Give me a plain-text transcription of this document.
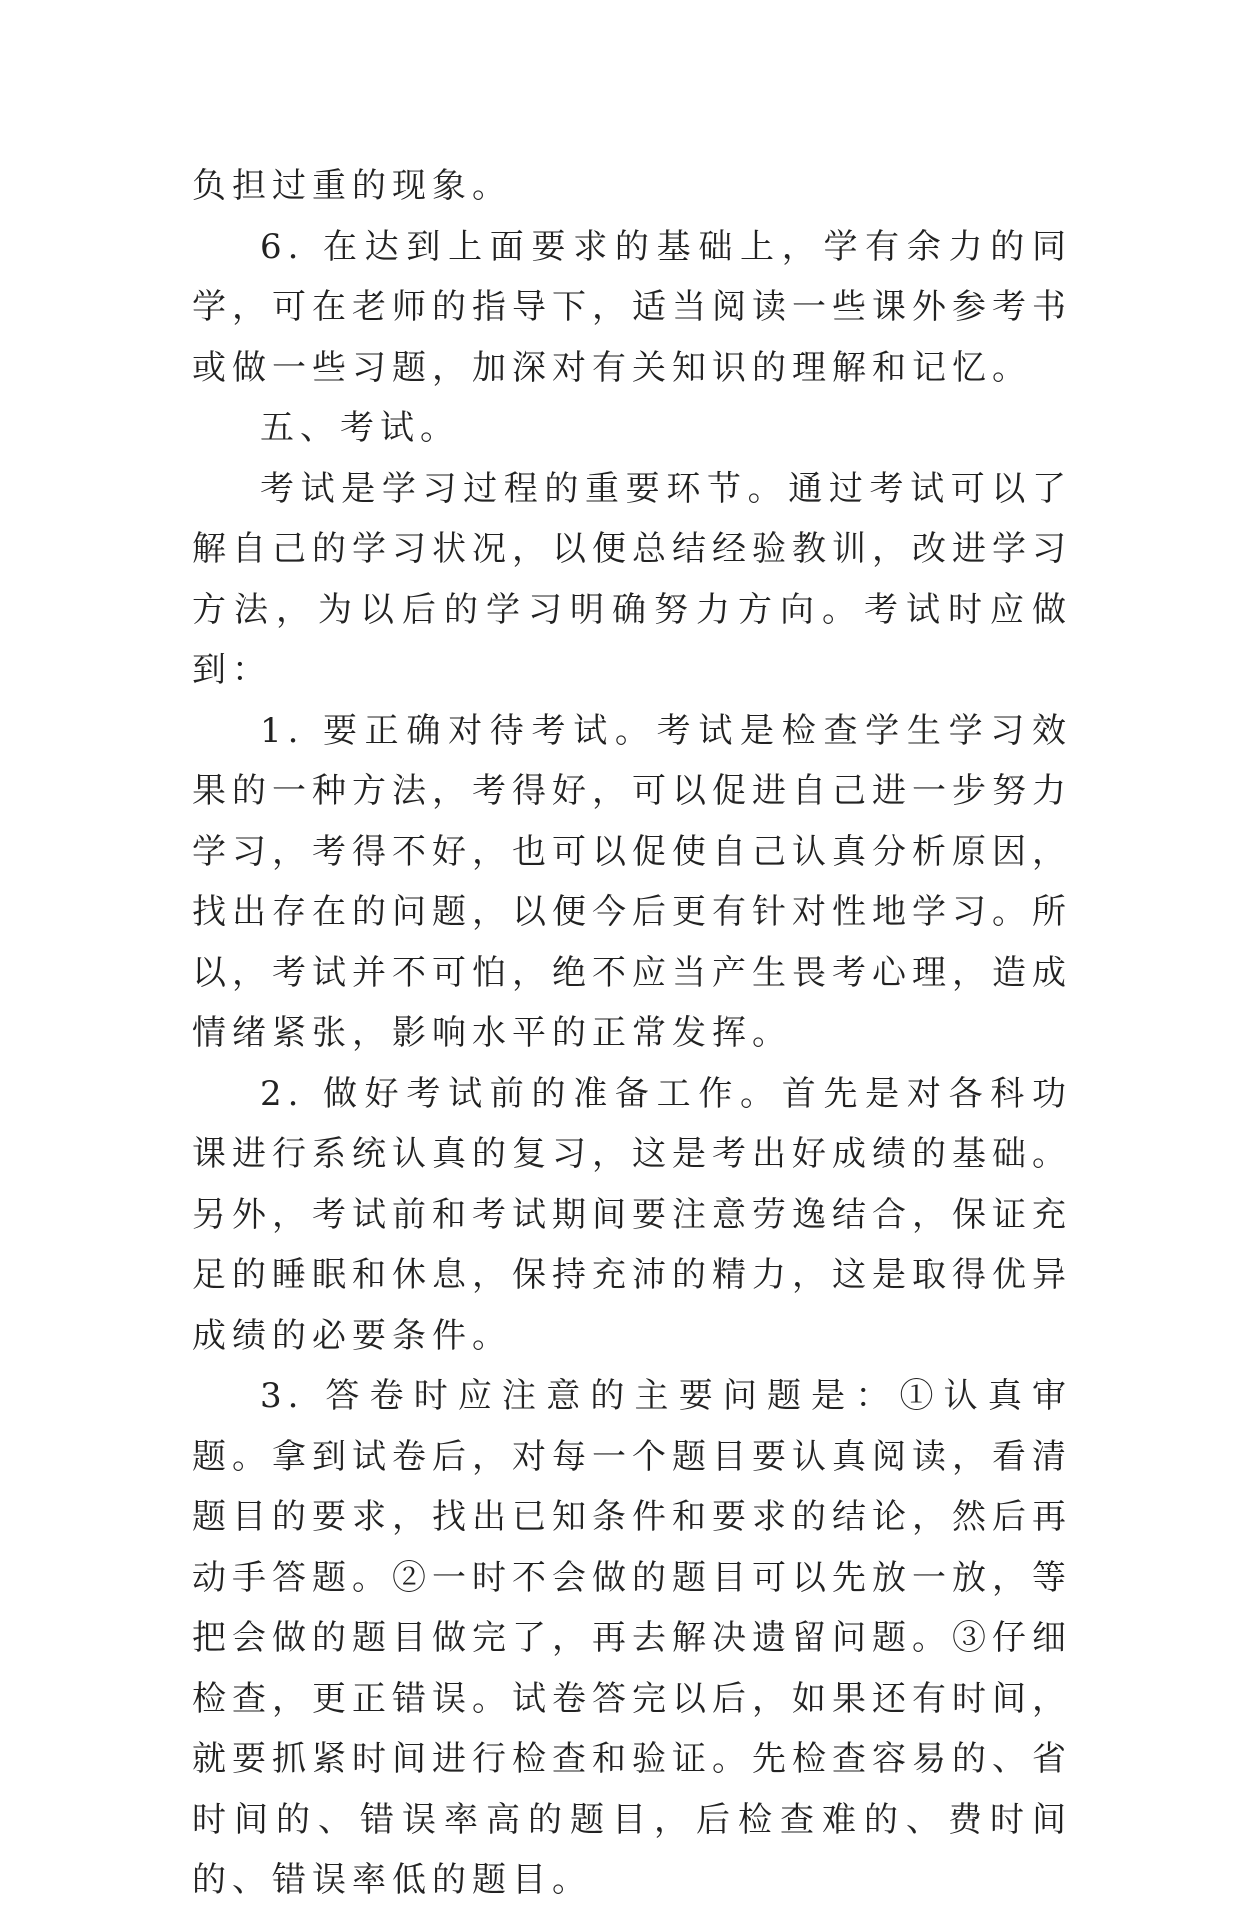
负担过重的现象。

6. 在达到上面要求的基础上，学有余力的同学，可在老师的指导下，适当阅读一些课外参考书或做一些习题，加深对有关知识的理解和记忆。

五、考试。

考试是学习过程的重要环节。通过考试可以了解自己的学习状况，以便总结经验教训，改进学习方法，为以后的学习明确努力方向。考试时应做到：

1. 要正确对待考试。考试是检查学生学习效果的一种方法，考得好，可以促进自己进一步努力学习，考得不好，也可以促使自己认真分析原因，找出存在的问题，以便今后更有针对性地学习。所以，考试并不可怕，绝不应当产生畏考心理，造成情绪紧张，影响水平的正常发挥。

2. 做好考试前的准备工作。首先是对各科功课进行系统认真的复习，这是考出好成绩的基础。另外，考试前和考试期间要注意劳逸结合，保证充足的睡眠和休息，保持充沛的精力，这是取得优异成绩的必要条件。

3. 答卷时应注意的主要问题是：①认真审题。拿到试卷后，对每一个题目要认真阅读，看清题目的要求，找出已知条件和要求的结论，然后再动手答题。②一时不会做的题目可以先放一放，等把会做的题目做完了，再去解决遗留问题。③仔细检查，更正错误。试卷答完以后，如果还有时间，就要抓紧时间进行检查和验证。先检查容易的、省时间的、错误率高的题目，后检查难的、费时间的、错误率低的题目。
